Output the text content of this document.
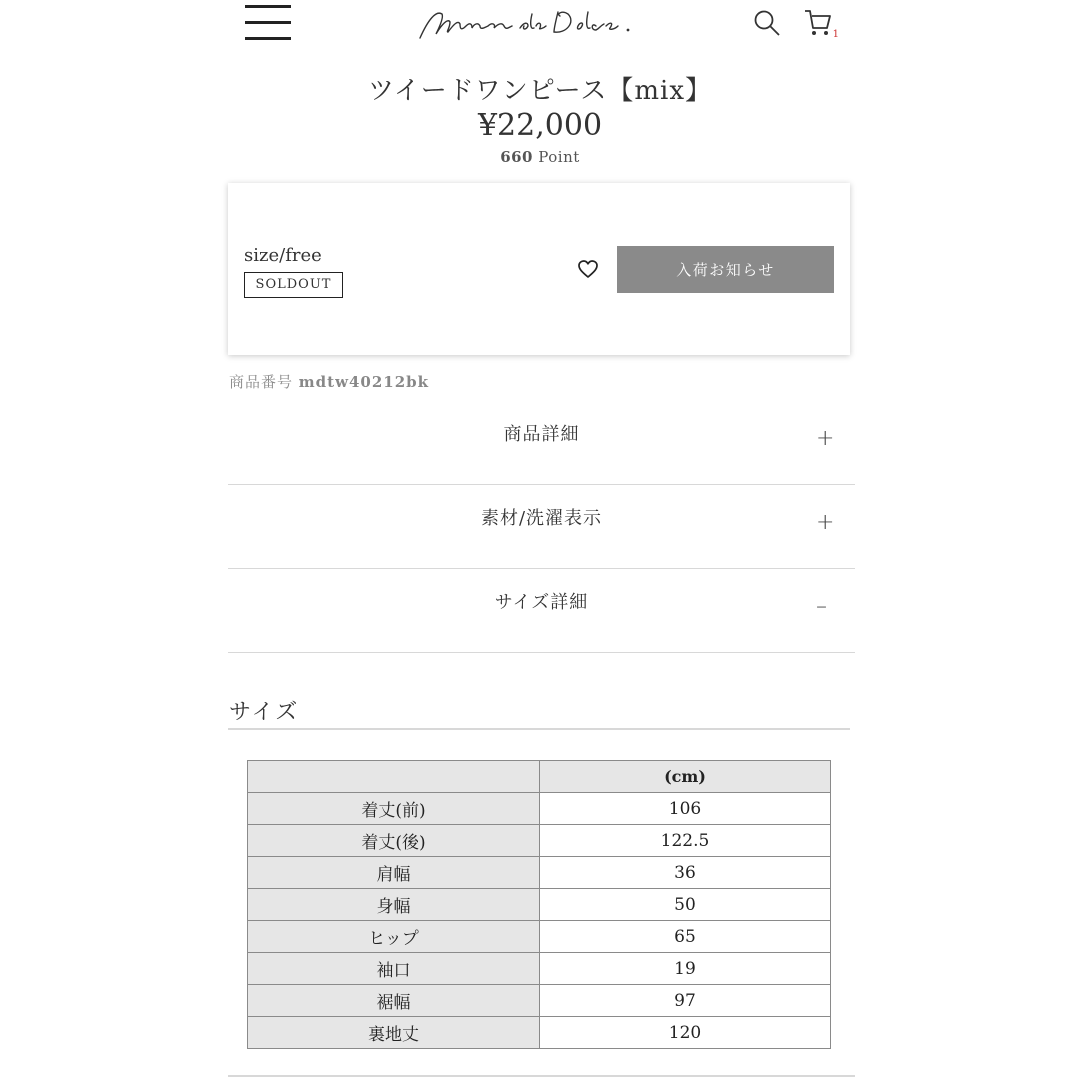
1
ツイードワンピース【mix】
¥22,000
660 Point
size/free
SOLDOUT
入荷お知らせ
商品番号 mdtw40212bk
商品詳細	+
素材/洗濯表示	+
サイズ詳細	–
サイズ
	(cm)
着丈(前)	106
着丈(後)	122.5
肩幅	36
身幅	50
ヒップ	65
袖口	19
裾幅	97
裏地丈	120
